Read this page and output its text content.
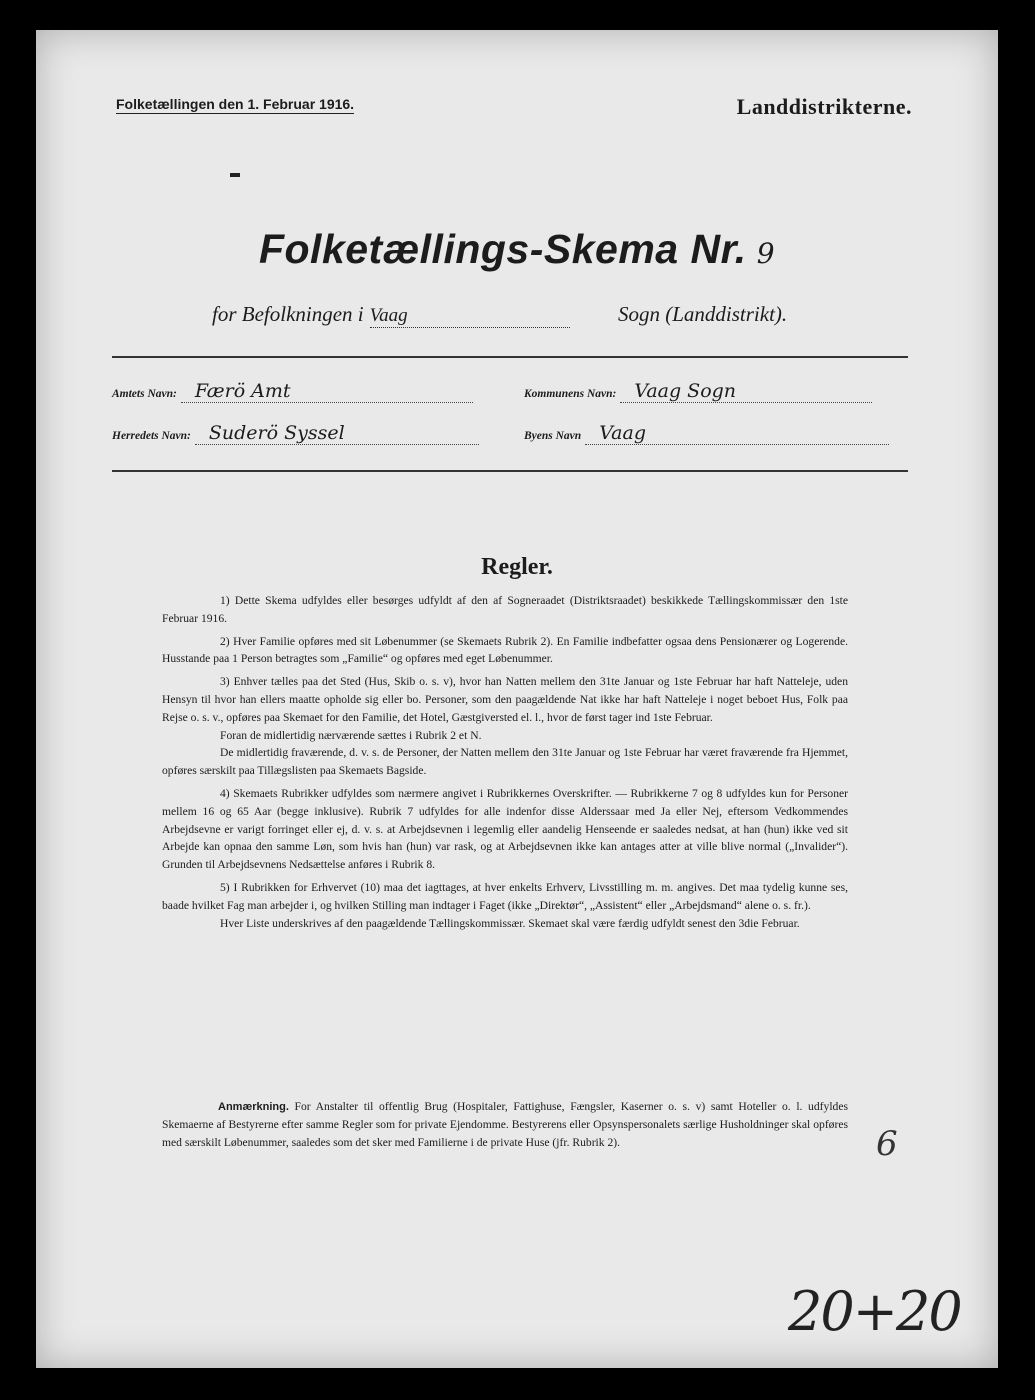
Folketællingen den 1. Februar 1916.	Landdistrikterne.
Folketællings-Skema Nr. 9
for Befolkningen i Vaag	Sogn (Landdistrikt).
Amtets Navn: Færö Amt	Kommunens Navn: Vaag Sogn
Herredets Navn: Suderö Syssel	Byens Navn Vaag
Regler.

1) Dette Skema udfyldes eller besørges udfyldt af den af Sogneraadet (Distriktsraadet) beskikkede Tællingskommissær den 1ste Februar 1916.

2) Hver Familie opføres med sit Løbenummer (se Skemaets Rubrik 2). En Familie indbefatter ogsaa dens Pensionærer og Logerende. Husstande paa 1 Person betragtes som „Familie“ og opføres med eget Løbenummer.

3) Enhver tælles paa det Sted (Hus, Skib o. s. v), hvor han Natten mellem den 31te Januar og 1ste Februar har haft Natteleje, uden Hensyn til hvor han ellers maatte opholde sig eller bo. Personer, som den paagældende Nat ikke har haft Natteleje i noget beboet Hus, Folk paa Rejse o. s. v., opføres paa Skemaet for den Familie, det Hotel, Gæstgiversted el. l., hvor de først tager ind 1ste Februar.

Foran de midlertidig nærværende sættes i Rubrik 2 et N.

De midlertidig fraværende, d. v. s. de Personer, der Natten mellem den 31te Januar og 1ste Februar har været fraværende fra Hjemmet, opføres særskilt paa Tillægslisten paa Skemaets Bagside.

4) Skemaets Rubrikker udfyldes som nærmere angivet i Rubrikkernes Overskrifter. — Rubrikkerne 7 og 8 udfyldes kun for Personer mellem 16 og 65 Aar (begge inklusive). Rubrik 7 udfyldes for alle indenfor disse Alderssaar med Ja eller Nej, eftersom Vedkommendes Arbejdsevne er varigt forringet eller ej, d. v. s. at Arbejdsevnen i legemlig eller aandelig Henseende er saaledes nedsat, at han (hun) ikke ved sit Arbejde kan opnaa den samme Løn, som hvis han (hun) var rask, og at Arbejdsevnen ikke kan antages atter at ville blive normal („Invalider“). Grunden til Arbejdsevnens Nedsættelse anføres i Rubrik 8.

5) I Rubrikken for Erhvervet (10) maa det iagttages, at hver enkelts Erhverv, Livsstilling m. m. angives. Det maa tydelig kunne ses, baade hvilket Fag man arbejder i, og hvilken Stilling man indtager i Faget (ikke „Direktør“, „Assistent“ eller „Arbejdsmand“ alene o. s. fr.).

Hver Liste underskrives af den paagældende Tællingskommissær. Skemaet skal være færdig udfyldt senest den 3die Februar.

Anmærkning. For Anstalter til offentlig Brug (Hospitaler, Fattighuse, Fængsler, Kaserner o. s. v) samt Hoteller o. l. udfyldes Skemaerne af Bestyrerne efter samme Regler som for private Ejendomme. Bestyrerens eller Opsynspersonalets særlige Husholdninger skal opføres med særskilt Løbenummer, saaledes som det sker med Familierne i de private Huse (jfr. Rubrik 2).	6
20+20
